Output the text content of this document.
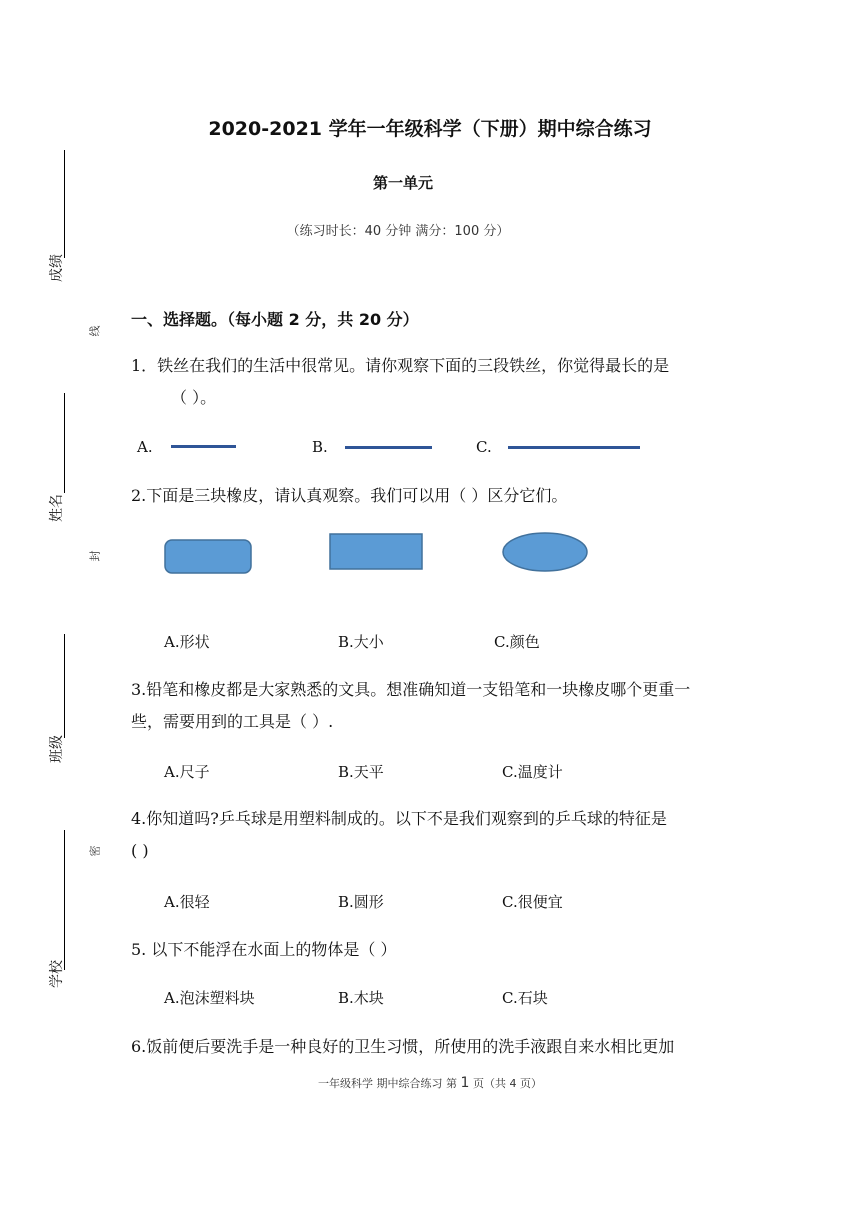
成绩
线
姓名
封
班级
密
学校
2020-2021 学年一年级科学（下册）期中综合练习
第一单元
（练习时长：40 分钟 满分：100 分）
一、选择题。（每小题 2 分，共 20 分）
1．铁丝在我们的生活中很常见。请你观察下面的三段铁丝，你觉得最长的是
（ ）。
A.	B.	C.
2.下面是三块橡皮，请认真观察。我们可以用（ ）区分它们。
A.形状	B.大小	C.颜色
3.铅笔和橡皮都是大家熟悉的文具。想准确知道一支铅笔和一块橡皮哪个更重一
些，需要用到的工具是（ ）.
A.尺子	B.天平	C.温度计
4.你知道吗?乒乓球是用塑料制成的。以下不是我们观察到的乒乓球的特征是
( )
A.很轻	B.圆形	C.很便宜
5. 以下不能浮在水面上的物体是（ ）
A.泡沫塑料块	B.木块	C.石块
6.饭前便后要洗手是一种良好的卫生习惯，所使用的洗手液跟自来水相比更加
一年级科学 期中综合练习 第 1 页（共 4 页）
